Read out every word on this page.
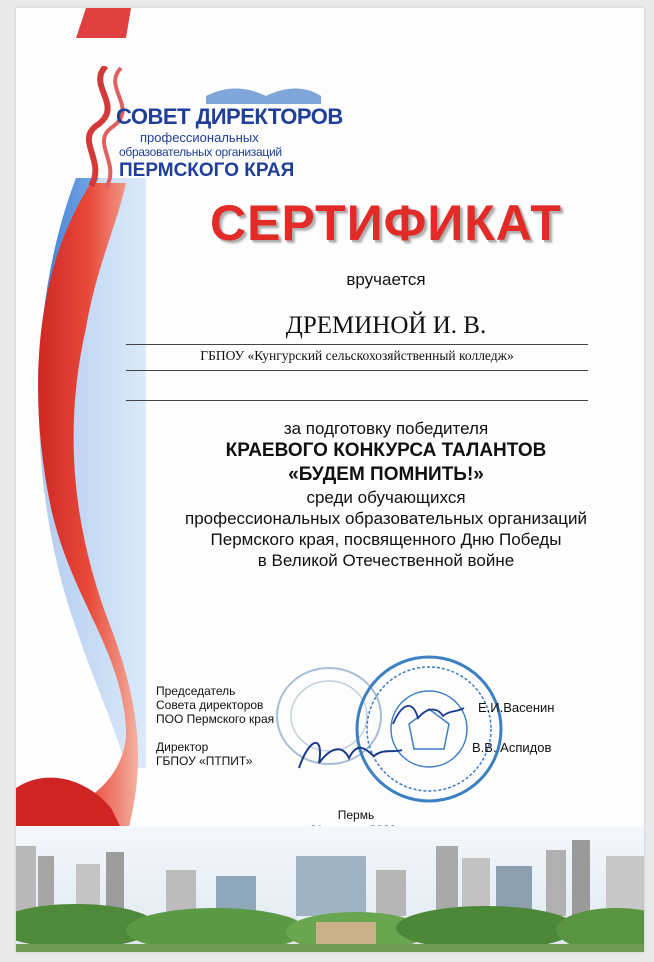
СОВЕТ ДИРЕКТОРОВ
профессиональных
образовательных организаций
ПЕРМСКОГО КРАЯ
СЕРТИФИКАТ
вручается
ДРЕМИНОЙ И. В.
ГБПОУ «Кунгурский сельскохозяйственный колледж»
за подготовку победителя
КРАЕВОГО КОНКУРСА ТАЛАНТОВ
«БУДЕМ ПОМНИТЬ!»
среди обучающихся
профессиональных образовательных организаций
Пермского края, посвященного Дню Победы
в Великой Отечественной войне
Председатель
Совета директоров
ПОО Пермского края
Е.И.Васенин
Директор
ГБПОУ «ПТПИТ»
В.В. Аспидов
Пермь
